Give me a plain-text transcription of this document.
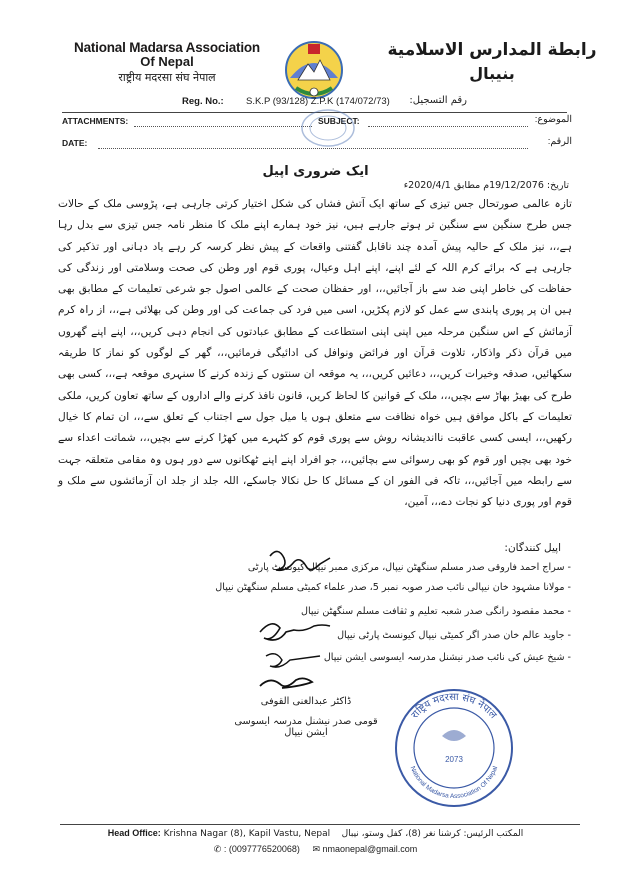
National Madarsa Association
Of Nepal
राष्ट्रीय मदरसा संघ नेपाल
رابطة المدارس الاسلامية
بنيبال
Reg. No.: S.K.P (93/128) Z.P.K (174/072/73) رقم التسجيل:
ATTACHMENTS:	SUBJECT:	الموضوع:
DATE:	الرقم:
ایک ضروری اپیل
تاریخ: 19/12/2076م مطابق 2020/4/1ء
تازہ عالمی صورتحال جس تیزی کے ساتھ ایک آتش فشاں کی شکل اختیار کرتی جارہی ہے، پڑوسی ملک کے حالات جس طرح سنگین سے سنگین تر ہوتے جارہے ہیں، نیز خود ہمارے اپنے ملک کا منظر نامہ جس تیزی سے بدل رہا ہے،،، نیز ملک کے حالیہ پیش آمدہ چند ناقابل گفتنی واقعات کے پیش نظر کرسہ کر رہے یاد دہانی اور تذکیر کی جارہی ہے کہ برائے کرم اللہ کے لئے اپنے، اپنے اہل وعیال، پوری قوم اور وطن کی صحت وسلامتی اور زندگی کی حفاظت کی خاطر اپنی ضد سے باز آجائیں،،، اور حفظان صحت کے عالمی اصول جو شرعی تعلیمات کے مطابق بھی ہیں ان پر پوری پابندی سے عمل کو لازم پکڑیں، اسی میں فرد کی جماعت کی اور وطن کی بھلائی ہے،،، از راہ کرم آزمائش کے اس سنگین مرحلہ میں اپنی اپنی استطاعت کے مطابق عبادتوں کی انجام دہی کریں،،، اپنے اپنے گھروں میں قرآن ذکر واذکار، تلاوت قرآن اور فرائض ونوافل کی ادائیگی فرمائیں،،، گھر کے لوگوں کو نماز کا طریقہ سکھائیں، صدقہ وخیرات کریں،،، دعائیں کریں،،، یہ موقعہ ان سنتوں کے زندہ کرنے کا سنہری موقعہ ہے،،، کسی بھی طرح کی بھیڑ بھاڑ سے بچیں،،، ملک کے قوانین کا لحاظ کریں، قانون نافذ کرنے والے اداروں کے ساتھ تعاون کریں، ملکی تعلیمات کے باکل موافق ہیں خواہ نظافت سے متعلق ہوں یا میل جول سے اجتناب کے تعلق سے،،، ان تمام کا خیال رکھیں،،، ایسی کسی عاقبت نااندیشانہ روش سے پوری قوم کو کٹہرے میں کھڑا کرنے سے بچیں،،، شماتت اعداء سے خود بھی بچیں اور قوم کو بھی رسوائی سے بچائیں،،، جو افراد اپنے اپنے ٹھکانوں سے دور ہوں وہ مقامی متعلقہ جہت سے رابطہ میں آجائیں،،، تاکہ فی الفور ان کے مسائل کا حل نکالا جاسکے، اللہ جلد از جلد ان آزمائشوں سے ملک و قوم اور پوری دنیا کو نجات دے،،، آمین،
اپیل کنندگان:
- سراج احمد فاروقی صدر مسلم سنگھٹن نیپال، مرکزی ممبر نیپال کیونسٹ پارٹی
- مولانا مشہود خان نیپالی نائب صدر صوبہ نمبر 5، صدر علماء کمیٹی مسلم سنگھٹن نیپال
- محمد مقصود رانگی صدر شعبہ تعلیم و ثقافت مسلم سنگھٹن نیپال
- جاوید عالم خان صدر اگر کمیٹی نیپال کیونسٹ پارٹی نیپال
- شیخ عیش کی نائب صدر نیشنل مدرسہ ایسوسی ایشن نیپال
ڈاکٹر عبدالغنی القوفی
قومی صدر نیشنل مدرسہ ایسوسی ایشن نیپال
राष्ट्रिय मदरसा संघ नेपाल
National Madarsa Association Of Nepal
2073
Head Office: Krishna Nagar (8), Kapil Vastu, Nepal المكتب الرئيس: كرشنا نغر (8)، كفل وستو، نيبال
✆ : (0097776520068) ✉ nmaonepal@gmail.com
